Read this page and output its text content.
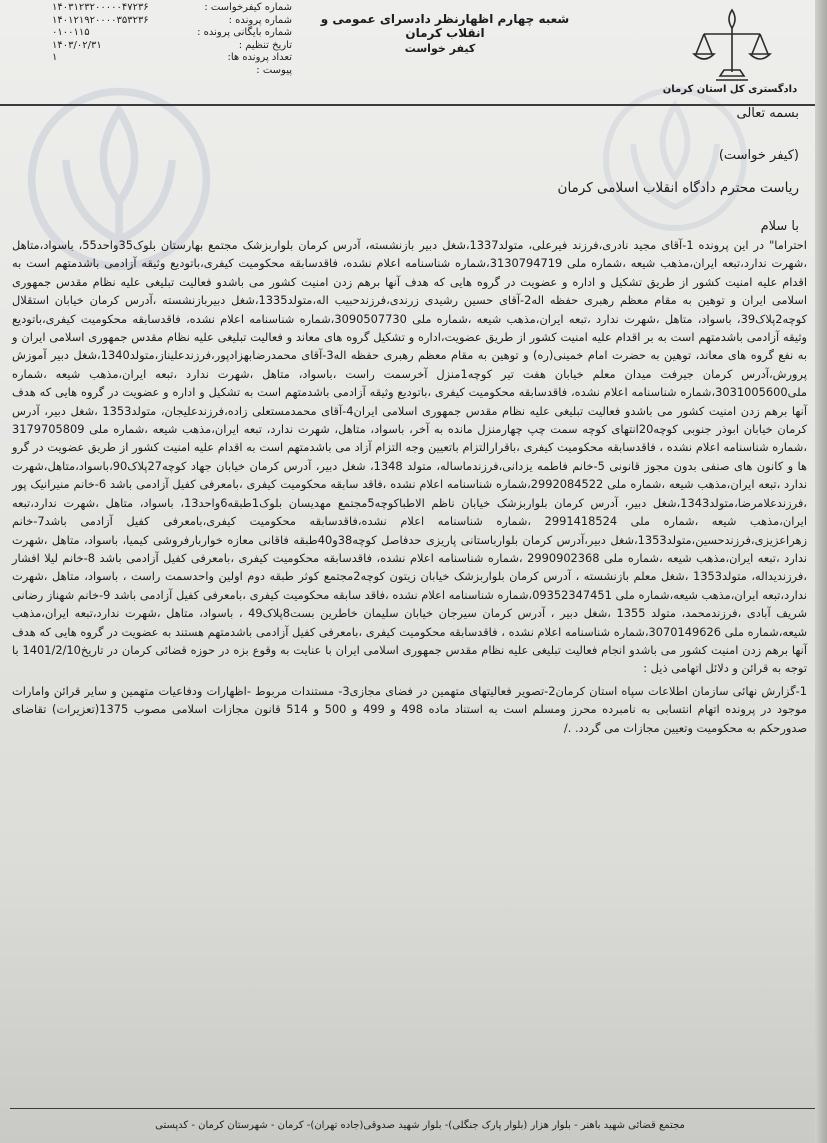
شماره کیفرخواست :
۱۴۰۳۱۲۳۲۰۰۰۰۰۴۷۲۳۶
شماره پرونده :
۱۴۰۱۲۱۹۲۰۰۰۰۳۵۳۲۳۶
شماره بایگانی پرونده :
۰۱۰۰۱۱۵
تاریخ تنظیم :
۱۴۰۳/۰۲/۳۱
تعداد پرونده ها:
۱
پیوست :
شعبه چهارم اظهارنظر دادسرای عمومی و انقلاب کرمان
کیفر خواست
دادگستری کل استان کرمان
بسمه تعالی
(کیفر خواست)
ریاست محترم دادگاه انقلاب اسلامی کرمان
با سلام

احتراما" در این پرونده 1-آقای مجید نادری،فرزند فیرعلی، متولد1337،شغل دبیر بازنشسته، آدرس کرمان بلواربزشک مجتمع بهارستان بلوک35واحد55، باسواد،متاهل ،شهرت ندارد،تبعه ایران،مذهب شیعه ،شماره ملی 3130794719،شماره شناسنامه اعلام نشده، فاقدسابقه محکومیت کیفری،باتودیع وثیقه آزادمی باشدمتهم است به اقدام علیه امنیت کشور از طریق تشکیل و اداره و عضویت در گروه هایی که هدف آنها برهم زدن امنیت کشور می باشدو فعالیت تبلیغی علیه نظام مقدس جمهوری اسلامی ایران و توهین به مقام معظم رهبری حفظه اله2-آقای حسین رشیدی زرندی،فرزندحبیب اله،متولد1335،شغل دبیربازنشسته ،آدرس کرمان خیابان استقلال کوچه2پلاک39، باسواد، متاهل ،شهرت ندارد ،تبعه ایران،مذهب شیعه ،شماره ملی 3090507730،شماره شناسنامه اعلام نشده، فاقدسابقه محکومیت کیفری،باتودیع وثیقه آزادمی باشدمتهم است به بر اقدام علیه امنیت کشور از طریق عضویت،اداره و تشکیل گروه های معاند و فعالیت تبلیغی علیه نظام مقدس جمهوری اسلامی ایران و به نفع گروه های معاند، توهین به حضرت امام خمینی(ره) و توهین به مقام معظم رهبری حفظه اله3-آقای محمدرضابهزادپور،فرزندعلیناز،متولد1340،شغل دبیر آموزش پرورش،آدرس کرمان جیرفت میدان معلم خیابان هفت تیر کوچه1منزل آخرسمت راست ،باسواد، متاهل ،شهرت ندارد ،تبعه ایران،مذهب شیعه ،شماره ملی3031005600،شماره شناسنامه اعلام نشده، فاقدسابقه محکومیت کیفری ،باتودیع وثیقه آزادمی باشدمتهم است به تشکیل و اداره و عضویت در گروه هایی که هدف آنها برهم زدن امنیت کشور می باشدو فعالیت تبلیغی علیه نظام مقدس جمهوری اسلامی ایران4-آقای محمدمستعلی زاده،فرزندعلیجان، متولد1353 ،شغل دبیر، آدرس کرمان خیابان ابوذر جنوبی کوچه20انتهای کوچه سمت چپ چهارمنزل مانده به آخر، باسواد، متاهل، شهرت ندارد، تبعه ایران،مذهب شیعه ،شماره ملی 3179705809 ،شماره شناسنامه اعلام نشده ، فاقدسابقه محکومیت کیفری ،باقرارالتزام باتعیین وجه التزام آزاد می باشدمتهم است به اقدام علیه امنیت کشور از طریق عضویت در گرو ها و کانون های صنفی بدون مجوز قانونی 5-خانم فاطمه یزدانی،فرزندماساله، متولد 1348، شغل دبیر، آدرس کرمان خیابان جهاد کوچه27پلاک90،باسواد،متاهل،شهرت ندارد ،تبعه ایران،مذهب شیعه ،شماره ملی 2992084522،شماره شناسنامه اعلام نشده ،فاقد سابقه محکومیت کیفری ،بامعرفی کفیل آزادمی باشد 6-خانم منیرانیک پور ،فرزندعلامرضا،متولد1343،شغل دبیر، آدرس کرمان بلواربزشک خیابان ناظم الاطباکوچه5مجتمع مهدیسان بلوک1طبقه6واحد13، باسواد، متاهل ،شهرت ندارد،تبعه ایران،مذهب شیعه ،شماره ملی 2991418524 ،شماره شناسنامه اعلام نشده،فاقدسابقه محکومیت کیفری،بامعرفی کفیل آزادمی باشد7-خانم زهراعزیزی،فرزندحسین،متولد1353،شغل دبیر،آدرس کرمان بلوارباستانی پاریزی حدفاصل کوچه38و40طبقه فاقانی معازه خواربارفروشی کیمیا، باسواد، متاهل ،شهرت ندارد ،تبعه ایران،مذهب شیعه ،شماره ملی 2990902368 ،شماره شناسنامه اعلام نشده، فاقدسابقه محکومیت کیفری ،بامعرفی کفیل آزادمی باشد 8-خانم لیلا افشار ،فرزندیداله، متولد1353 ،شغل معلم بازنشسته ، آدرس کرمان بلواربزشک خیابان زیتون کوچه2مجتمع کوثر طبقه دوم اولین واحدسمت راست ، باسواد، متاهل ،شهرت ندارد،تبعه ایران،مذهب شیعه،شماره ملی 09352347451،شماره شناسنامه اعلام نشده ،فاقد سابقه محکومیت کیفری ،بامعرفی کفیل آزادمی باشد 9-خانم شهناز رضانی شریف آبادی ،فرزندمحمد، متولد 1355 ،شغل دبیر ، آدرس کرمان سیرجان خیابان سلیمان خاطرین بست8پلاک49 ، باسواد، متاهل ،شهرت ندارد،تبعه ایران،مذهب شیعه،شماره ملی 3070149626،شماره شناسنامه اعلام نشده ، فاقدسابقه محکومیت کیفری ،بامعرفی کفیل آزادمی باشدمتهم هستند به عضویت در گروه هایی که هدف آنها برهم زدن امنیت کشور می باشدو انجام فعالیت تبلیغی علیه نظام مقدس جمهوری اسلامی ایران با عنایت به وقوع بزه در حوزه قضائی کرمان در تاریخ1401/2/10 با توجه به قرائن و دلائل اتهامی ذیل :

1-گزارش نهائی سازمان اطلاعات سپاه استان کرمان2-تصویر فعالیتهای متهمین در فضای مجازی3- مستندات مربوط -اظهارات ودفاعیات متهمین و سایر قرائن وامارات موجود در پرونده اتهام انتسابی به نامبرده محرز ومسلم است به استناد ماده 498 و 499 و 500 و 514 قانون مجازات اسلامی مصوب 1375(تعزیرات) تقاضای صدورحکم به محکومیت وتعیین مجازات می گردد. ./

مجتمع قضائی شهید باهنر - بلوار هزار (بلوار پارک جنگلی)- بلوار شهید صدوقی(جاده تهران)- کرمان - شهرستان کرمان - کدپستی
